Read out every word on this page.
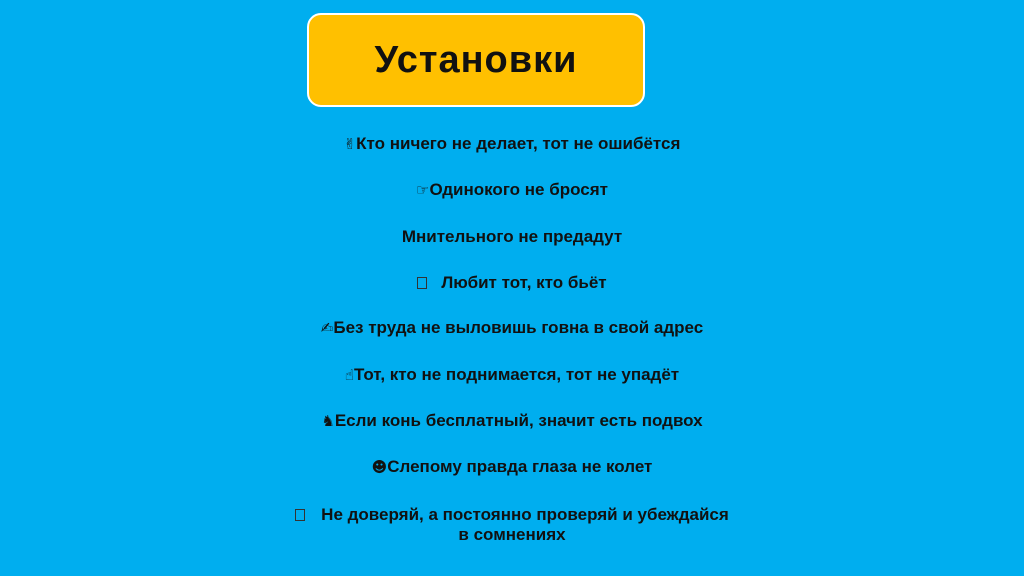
Установки
✌Кто ничего не делает, тот не ошибётся
☞Одинокого не бросят
Мнительного не предадут
Любит тот, кто бьёт
✍Без труда не выловишь говна в свой адрес
☝Тот, кто не поднимается, тот не упадёт
♞Если конь бесплатный, значит есть подвох
☻Слепому правда глаза не колет
Не доверяй, а постоянно проверяй и убеждайся
в сомнениях
